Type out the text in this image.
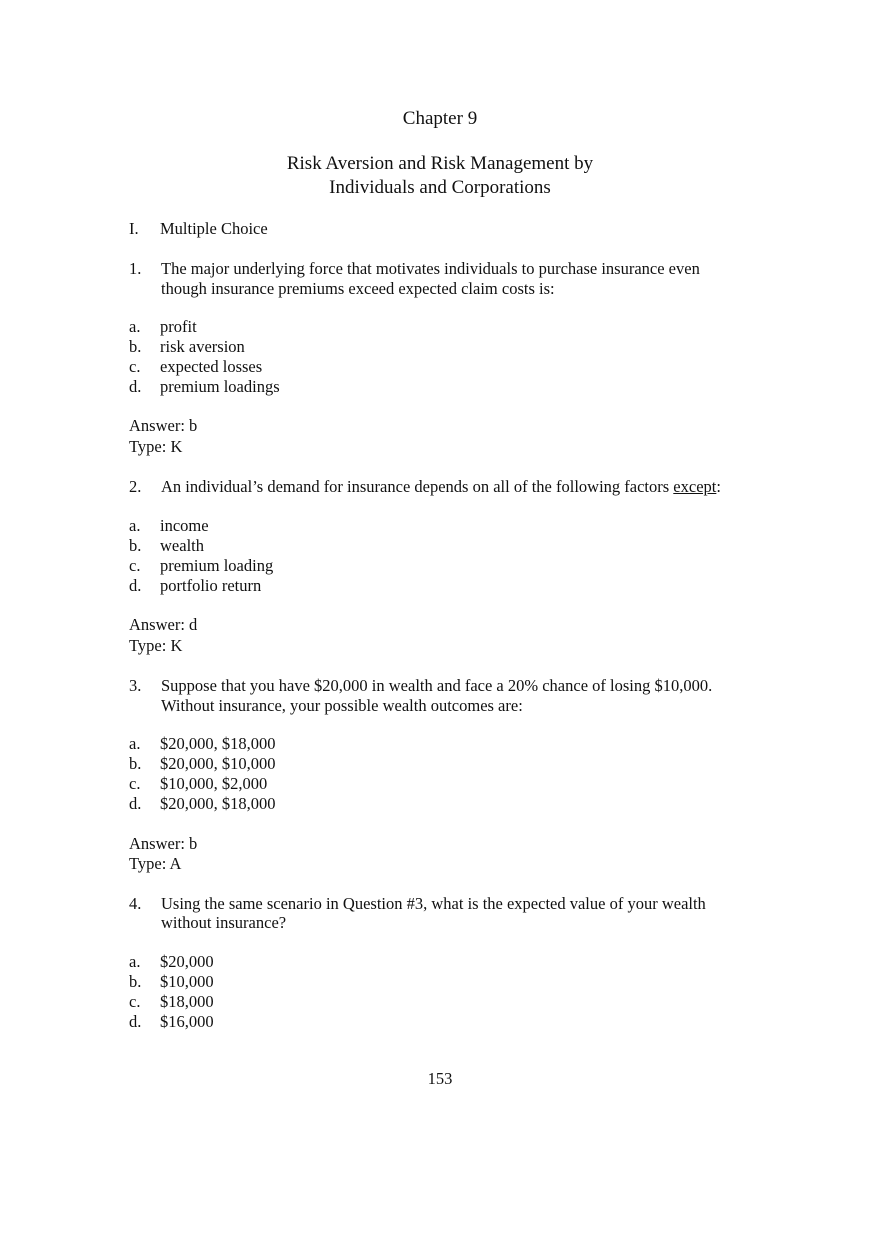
Chapter 9
Risk Aversion and Risk Management by
Individuals and Corporations
I. Multiple Choice
1. The major underlying force that motivates individuals to purchase insurance even
though insurance premiums exceed expected claim costs is:
a. profit
b. risk aversion
c. expected losses
d. premium loadings
Answer: b
Type: K
2. An individual’s demand for insurance depends on all of the following factors except:
a. income
b. wealth
c. premium loading
d. portfolio return
Answer: d
Type: K
3. Suppose that you have $20,000 in wealth and face a 20% chance of losing $10,000.
Without insurance, your possible wealth outcomes are:
a. $20,000, $18,000
b. $20,000, $10,000
c. $10,000, $2,000
d. $20,000, $18,000
Answer: b
Type: A
4. Using the same scenario in Question #3, what is the expected value of your wealth
without insurance?
a. $20,000
b. $10,000
c. $18,000
d. $16,000
153
